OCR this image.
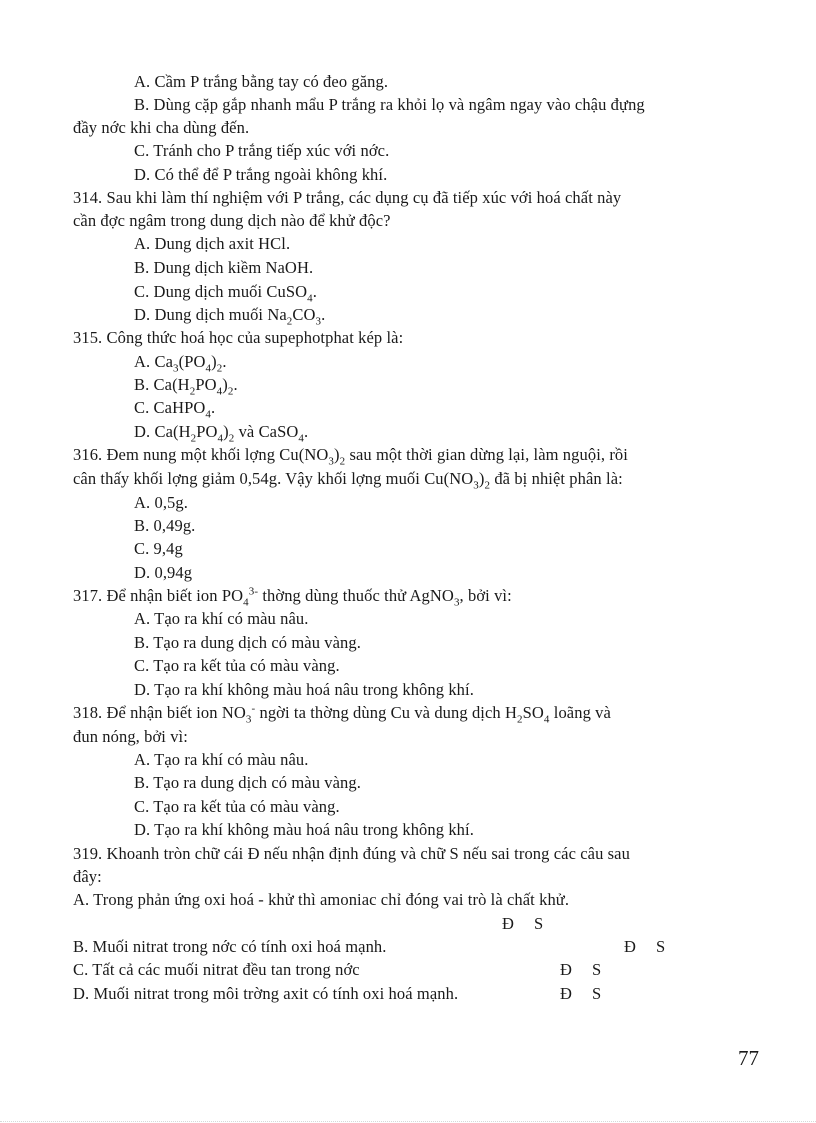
A. Cầm P trắng bằng tay có đeo găng.
B. Dùng cặp gắp nhanh mẩu P trắng ra khỏi lọ và ngâm ngay vào chậu đựng
đầy nớc khi cha dùng đến.
C. Tránh cho P trắng tiếp xúc với nớc.
D. Có thể để P trắng ngoài không khí.
314. Sau khi làm thí nghiệm với P trắng, các dụng cụ đã tiếp xúc với hoá chất này
cần đợc ngâm trong dung dịch nào để khử độc?
A. Dung dịch axit HCl.
B. Dung dịch kiềm NaOH.
C. Dung dịch muối CuSO$_4$.
D. Dung dịch muối $Na_2CO_3$.
315. Công thức hoá học của supephotphat kép là:
A. $Ca_3(PO_4)_2$.
B. $Ca(H_2PO_4)_2$.
C. CaHPO$_4$.
D. $Ca(H_2PO_4)_2$ và CaSO$_4$.
316. Đem nung một khối lợng $Cu(NO_3)_2$ sau một thời gian dừng lại, làm nguội, rồi
cân thấy khối lợng giảm 0,54g. Vậy khối lợng muối $Cu(NO_3)_2$ đã bị nhiệt phân là:
A. 0,5g.
B. 0,49g.
C. 9,4g
D. 0,94g
317. Để nhận biết ion $PO_4^{3-}$ thờng dùng thuốc thử AgNO$_3$, bởi vì:
A. Tạo ra khí có màu nâu.
B. Tạo ra dung dịch có màu vàng.
C. Tạo ra kết tủa có màu vàng.
D. Tạo ra khí không màu hoá nâu trong không khí.
318. Để nhận biết ion $NO_3^-$ ngời ta thờng dùng Cu và dung dịch $H_2SO_4$ loãng và
đun nóng, bởi vì:
A. Tạo ra khí có màu nâu.
B. Tạo ra dung dịch có màu vàng.
C. Tạo ra kết tủa có màu vàng.
D. Tạo ra khí không màu hoá nâu trong không khí.
319. Khoanh tròn chữ cái Đ nếu nhận định đúng và chữ S nếu sai trong các câu sau
đây:
A. Trong phản ứng oxi hoá - khử thì amoniac chỉ đóng vai trò là chất khử.
Đ S
B. Muối nitrat trong nớc có tính oxi hoá mạnh.	Đ S
C. Tất cả các muối nitrat đều tan trong nớc	Đ S
D. Muối nitrat trong môi trờng axit có tính oxi hoá mạnh.	Đ S
77
